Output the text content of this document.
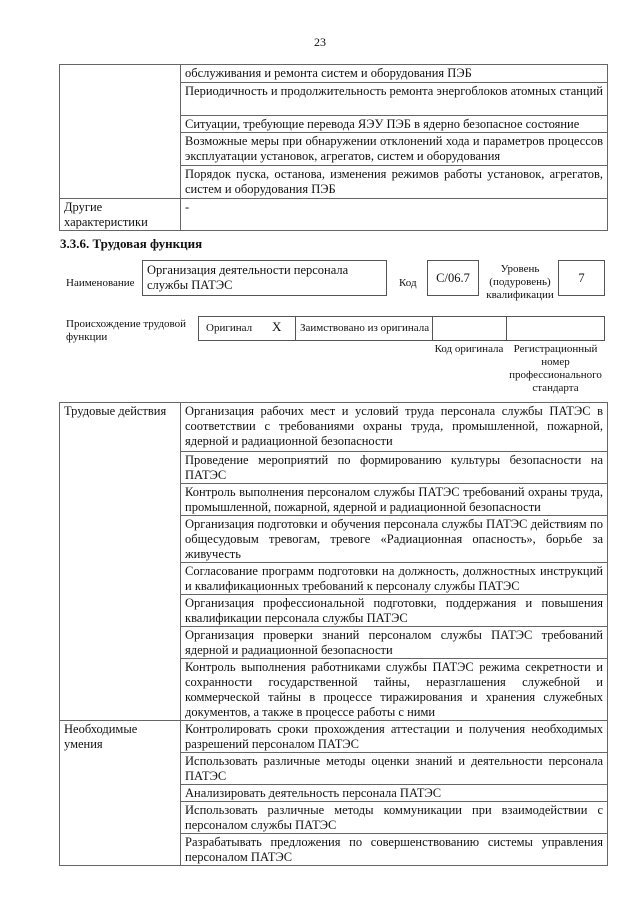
23
	обслуживания и ремонта систем и оборудования ПЭБ
	Периодичность и продолжительность ремонта энергоблоков атомных станций
	Ситуации, требующие перевода ЯЭУ ПЭБ в ядерно безопасное состояние
	Возможные меры при обнаружении отклонений хода и параметров процессов эксплуатации установок, агрегатов, систем и оборудования
	Порядок пуска, останова, изменения режимов работы установок, агрегатов, систем и оборудования ПЭБ
Другие характеристики	-
3.3.6. Трудовая функция
Наименование
Организация деятельности персонала службы ПАТЭС	Код	C/06.7
Уровень (подуровень) квалификации
7
Происхождение трудовой функции
Оригинал Х Заимствовано из оригинала
Код оригинала Регистрационный номер профессионального стандарта
Трудовые действия	Организация рабочих мест и условий труда персонала службы ПАТЭС в соответствии с требованиями охраны труда, промышленной, пожарной, ядерной и радиационной безопасности
	Проведение мероприятий по формированию культуры безопасности на ПАТЭС
	Контроль выполнения персоналом службы ПАТЭС требований охраны труда, промышленной, пожарной, ядерной и радиационной безопасности
	Организация подготовки и обучения персонала службы ПАТЭС действиям по общесудовым тревогам, тревоге «Радиационная опасность», борьбе за живучесть
	Согласование программ подготовки на должность, должностных инструкций и квалификационных требований к персоналу службы ПАТЭС
	Организация профессиональной подготовки, поддержания и повышения квалификации персонала службы ПАТЭС
	Организация проверки знаний персоналом службы ПАТЭС требований ядерной и радиационной безопасности
	Контроль выполнения работниками службы ПАТЭС режима секретности и сохранности государственной тайны, неразглашения служебной и коммерческой тайны в процессе тиражирования и хранения служебных документов, а также в процессе работы с ними
Необходимые умения	Контролировать сроки прохождения аттестации и получения необходимых разрешений персоналом ПАТЭС
	Использовать различные методы оценки знаний и деятельности персонала ПАТЭС
	Анализировать деятельность персонала ПАТЭС
	Использовать различные методы коммуникации при взаимодействии с персоналом службы ПАТЭС
	Разрабатывать предложения по совершенствованию системы управления персоналом ПАТЭС
